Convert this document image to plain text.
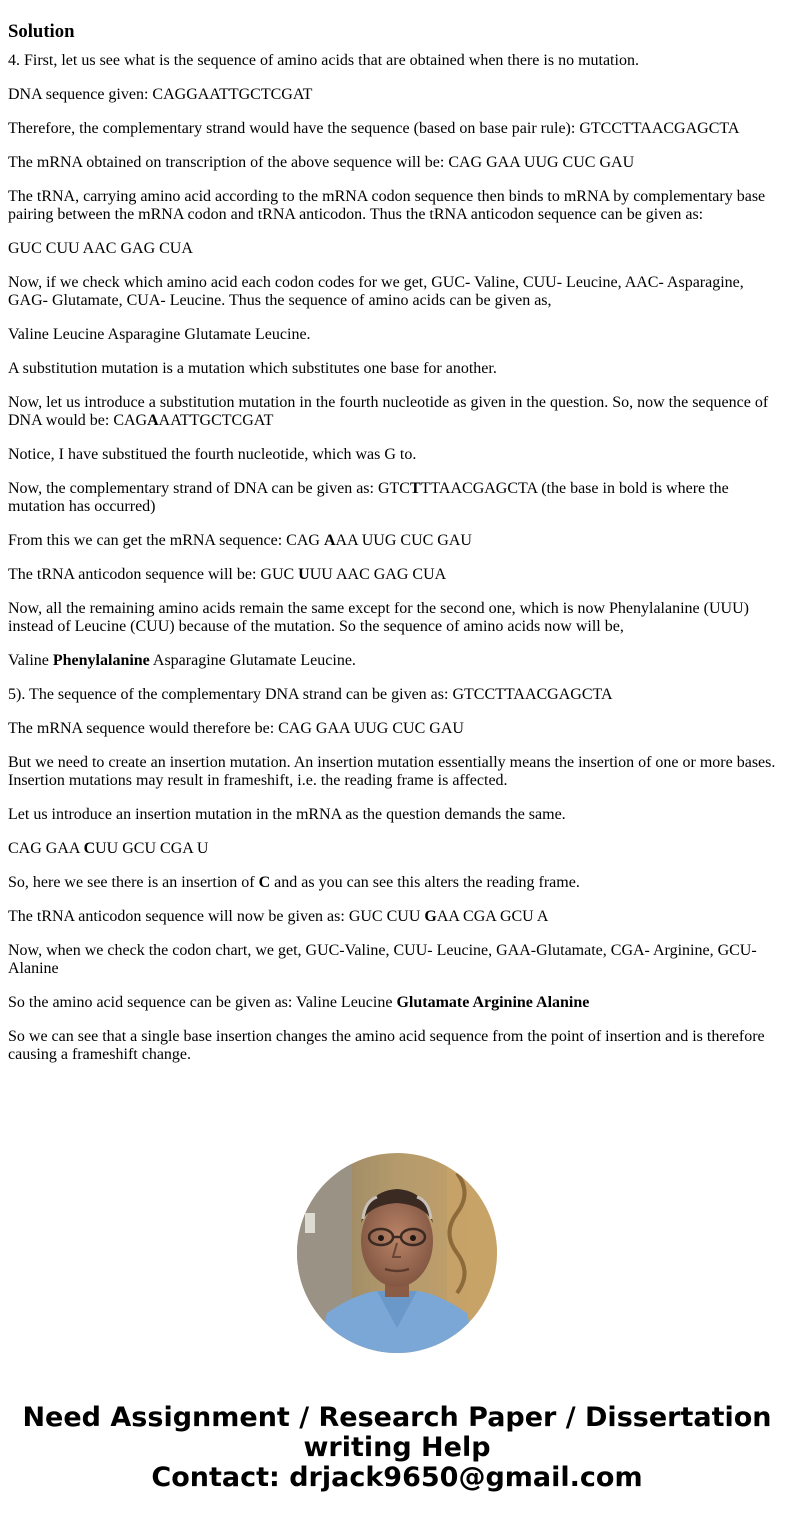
Solution

4. First, let us see what is the sequence of amino acids that are obtained when there is no mutation.

DNA sequence given: CAGGAATTGCTCGAT

Therefore, the complementary strand would have the sequence (based on base pair rule): GTCCTTAACGAGCTA

The mRNA obtained on transcription of the above sequence will be: CAG GAA UUG CUC GAU

The tRNA, carrying amino acid according to the mRNA codon sequence then binds to mRNA by complementary base pairing between the mRNA codon and tRNA anticodon. Thus the tRNA anticodon sequence can be given as:

GUC CUU AAC GAG CUA

Now, if we check which amino acid each codon codes for we get, GUC- Valine, CUU- Leucine, AAC- Asparagine, GAG- Glutamate, CUA- Leucine. Thus the sequence of amino acids can be given as,

Valine Leucine Asparagine Glutamate Leucine.

A substitution mutation is a mutation which substitutes one base for another.

Now, let us introduce a substitution mutation in the fourth nucleotide as given in the question. So, now the sequence of DNA would be: CAGAAATTGCTCGAT

Notice, I have substitued the fourth nucleotide, which was G to.

Now, the complementary strand of DNA can be given as: GTCTTTAACGAGCTA (the base in bold is where the mutation has occurred)

From this we can get the mRNA sequence: CAG AAA UUG CUC GAU

The tRNA anticodon sequence will be: GUC UUU AAC GAG CUA

Now, all the remaining amino acids remain the same except for the second one, which is now Phenylalanine (UUU) instead of Leucine (CUU) because of the mutation. So the sequence of amino acids now will be,

Valine Phenylalanine Asparagine Glutamate Leucine.

5). The sequence of the complementary DNA strand can be given as: GTCCTTAACGAGCTA

The mRNA sequence would therefore be: CAG GAA UUG CUC GAU

But we need to create an insertion mutation. An insertion mutation essentially means the insertion of one or more bases. Insertion mutations may result in frameshift, i.e. the reading frame is affected.

Let us introduce an insertion mutation in the mRNA as the question demands the same.

CAG GAA CUU GCU CGA U

So, here we see there is an insertion of C and as you can see this alters the reading frame.

The tRNA anticodon sequence will now be given as: GUC CUU GAA CGA GCU A

Now, when we check the codon chart, we get, GUC-Valine, CUU- Leucine, GAA-Glutamate, CGA- Arginine, GCU- Alanine

So the amino acid sequence can be given as: Valine Leucine Glutamate Arginine Alanine

So we can see that a single base insertion changes the amino acid sequence from the point of insertion and is therefore causing a frameshift change.

Need Assignment / Research Paper / Dissertation writing Help
Contact: drjack9650@gmail.com
